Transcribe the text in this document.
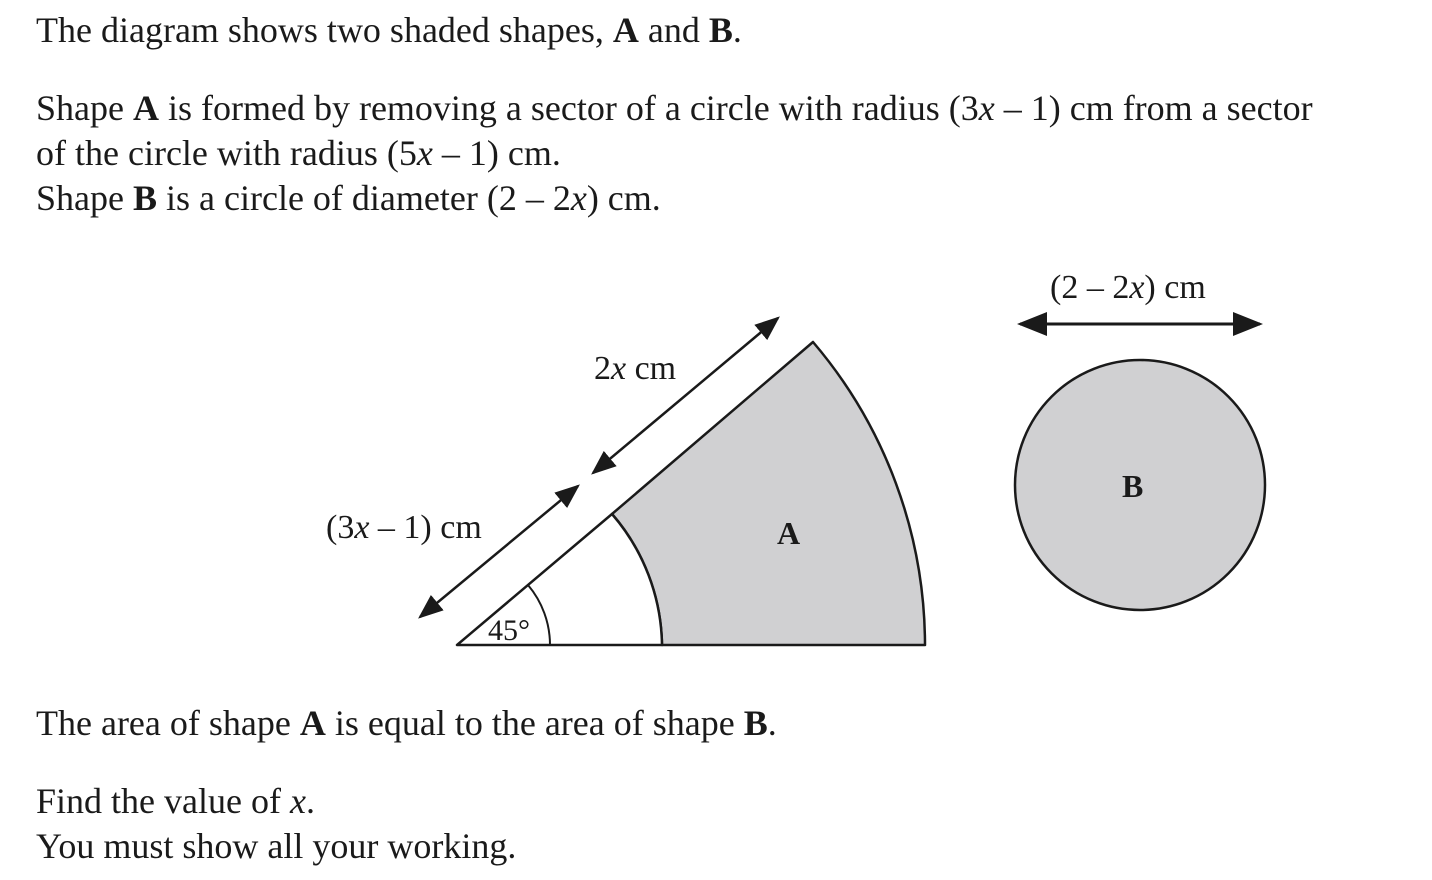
The diagram shows two shaded shapes, A and B.
Shape A is formed by removing a sector of a circle with radius (3x – 1) cm from a sector
of the circle with radius (5x – 1) cm.
Shape B is a circle of diameter (2 – 2x) cm.
The area of shape A is equal to the area of shape B.
Find the value of x.
You must show all your working.
2x cm
(3x – 1) cm
45°
A
B
(2 – 2x) cm
